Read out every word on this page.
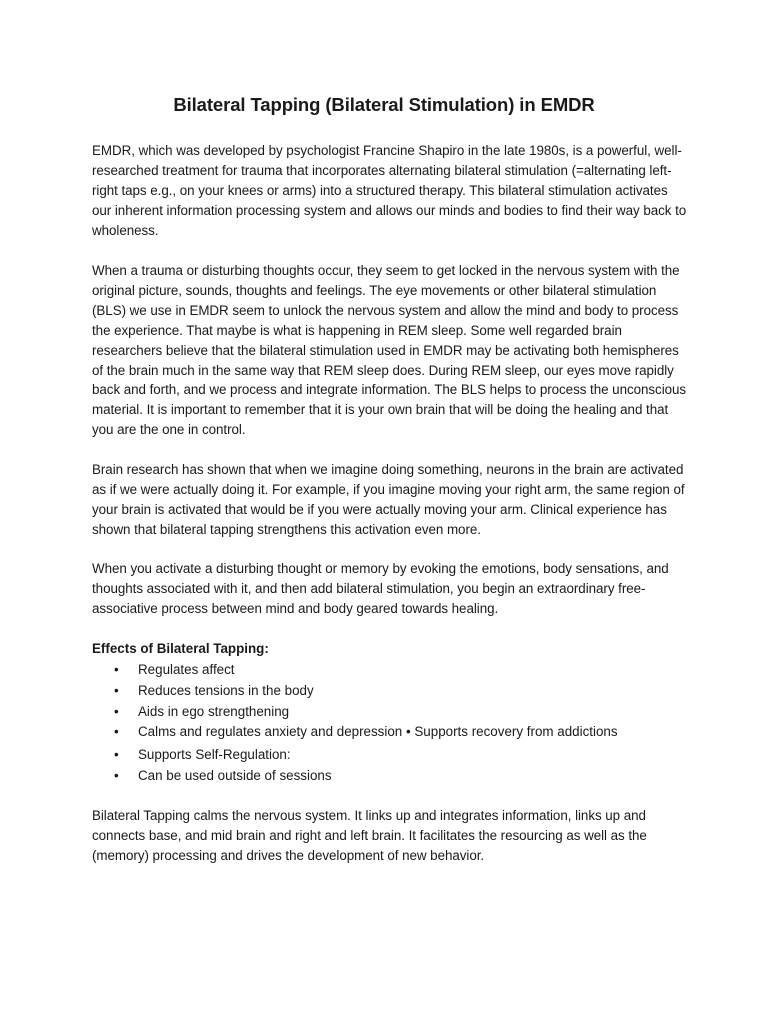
Bilateral Tapping (Bilateral Stimulation) in EMDR

EMDR, which was developed by psychologist Francine Shapiro in the late 1980s, is a powerful, well-researched treatment for trauma that incorporates alternating bilateral stimulation (=alternating left-right taps e.g., on your knees or arms) into a structured therapy. This bilateral stimulation activates our inherent information processing system and allows our minds and bodies to find their way back to wholeness.

When a trauma or disturbing thoughts occur, they seem to get locked in the nervous system with the original picture, sounds, thoughts and feelings. The eye movements or other bilateral stimulation (BLS) we use in EMDR seem to unlock the nervous system and allow the mind and body to process the experience. That maybe is what is happening in REM sleep. Some well regarded brain researchers believe that the bilateral stimulation used in EMDR may be activating both hemispheres of the brain much in the same way that REM sleep does. During REM sleep, our eyes move rapidly back and forth, and we process and integrate information. The BLS helps to process the unconscious material. It is important to remember that it is your own brain that will be doing the healing and that you are the one in control.

Brain research has shown that when we imagine doing something, neurons in the brain are activated as if we were actually doing it. For example, if you imagine moving your right arm, the same region of your brain is activated that would be if you were actually moving your arm. Clinical experience has shown that bilateral tapping strengthens this activation even more.

When you activate a disturbing thought or memory by evoking the emotions, body sensations, and thoughts associated with it, and then add bilateral stimulation, you begin an extraordinary free-associative process between mind and body geared towards healing.

Effects of Bilateral Tapping:

• Regulates affect
• Reduces tensions in the body
• Aids in ego strengthening
• Calms and regulates anxiety and depression • Supports recovery from addictions
• Supports Self-Regulation:
• Can be used outside of sessions

Bilateral Tapping calms the nervous system. It links up and integrates information, links up and connects base, and mid brain and right and left brain. It facilitates the resourcing as well as the (memory) processing and drives the development of new behavior.
